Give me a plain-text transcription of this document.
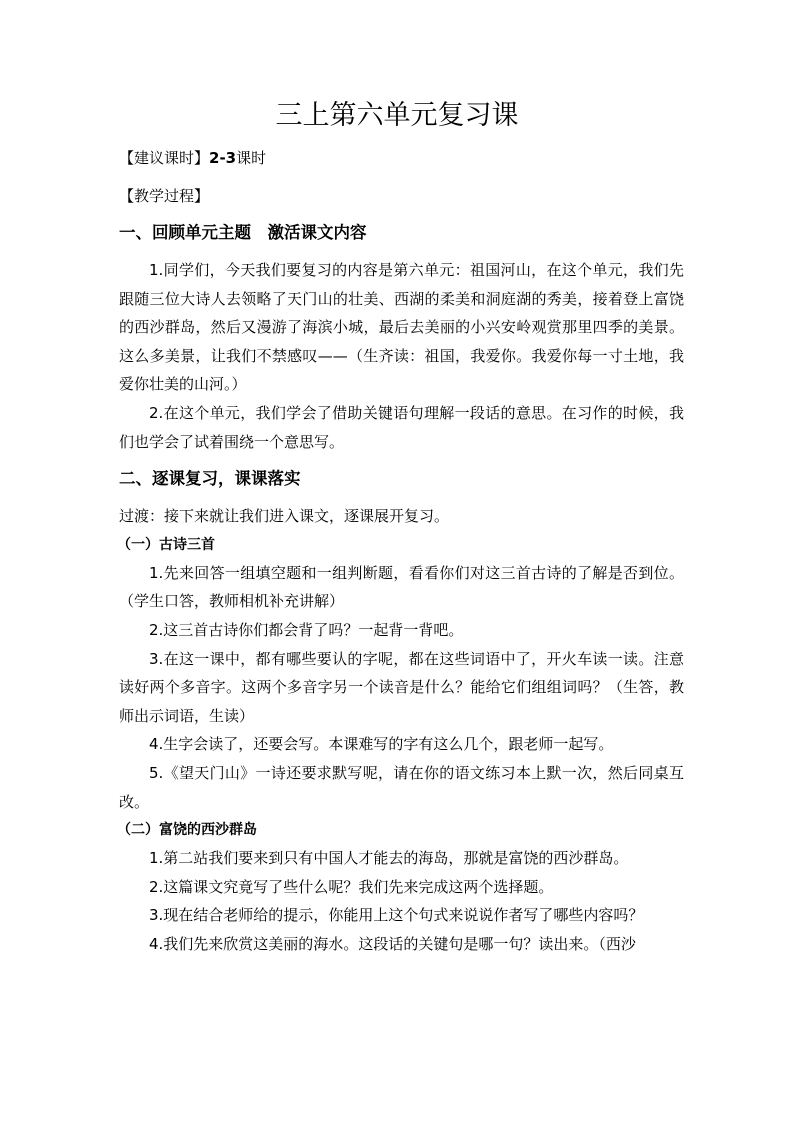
三上第六单元复习课
【建议课时】2-3课时
【教学过程】
一、回顾单元主题　激活课文内容
1.同学们，今天我们要复习的内容是第六单元：祖国河山，在这个单元，我们先跟随三位大诗人去领略了天门山的壮美、西湖的柔美和洞庭湖的秀美，接着登上富饶的西沙群岛，然后又漫游了海滨小城，最后去美丽的小兴安岭观赏那里四季的美景。这么多美景，让我们不禁感叹——（生齐读：祖国，我爱你。我爱你每一寸土地，我爱你壮美的山河。）
2.在这个单元，我们学会了借助关键语句理解一段话的意思。在习作的时候，我们也学会了试着围绕一个意思写。
二、逐课复习，课课落实
过渡：接下来就让我们进入课文，逐课展开复习。
（一）古诗三首
1.先来回答一组填空题和一组判断题，看看你们对这三首古诗的了解是否到位。（学生口答，教师相机补充讲解）
2.这三首古诗你们都会背了吗？一起背一背吧。
3.在这一课中，都有哪些要认的字呢，都在这些词语中了，开火车读一读。注意读好两个多音字。这两个多音字另一个读音是什么？能给它们组组词吗？（生答，教师出示词语，生读）
4.生字会读了，还要会写。本课难写的字有这么几个，跟老师一起写。
5.《望天门山》一诗还要求默写呢，请在你的语文练习本上默一次，然后同桌互改。
（二）富饶的西沙群岛
1.第二站我们要来到只有中国人才能去的海岛，那就是富饶的西沙群岛。
2.这篇课文究竟写了些什么呢？我们先来完成这两个选择题。
3.现在结合老师给的提示，你能用上这个句式来说说作者写了哪些内容吗？
4.我们先来欣赏这美丽的海水。这段话的关键句是哪一句？读出来。（西沙
